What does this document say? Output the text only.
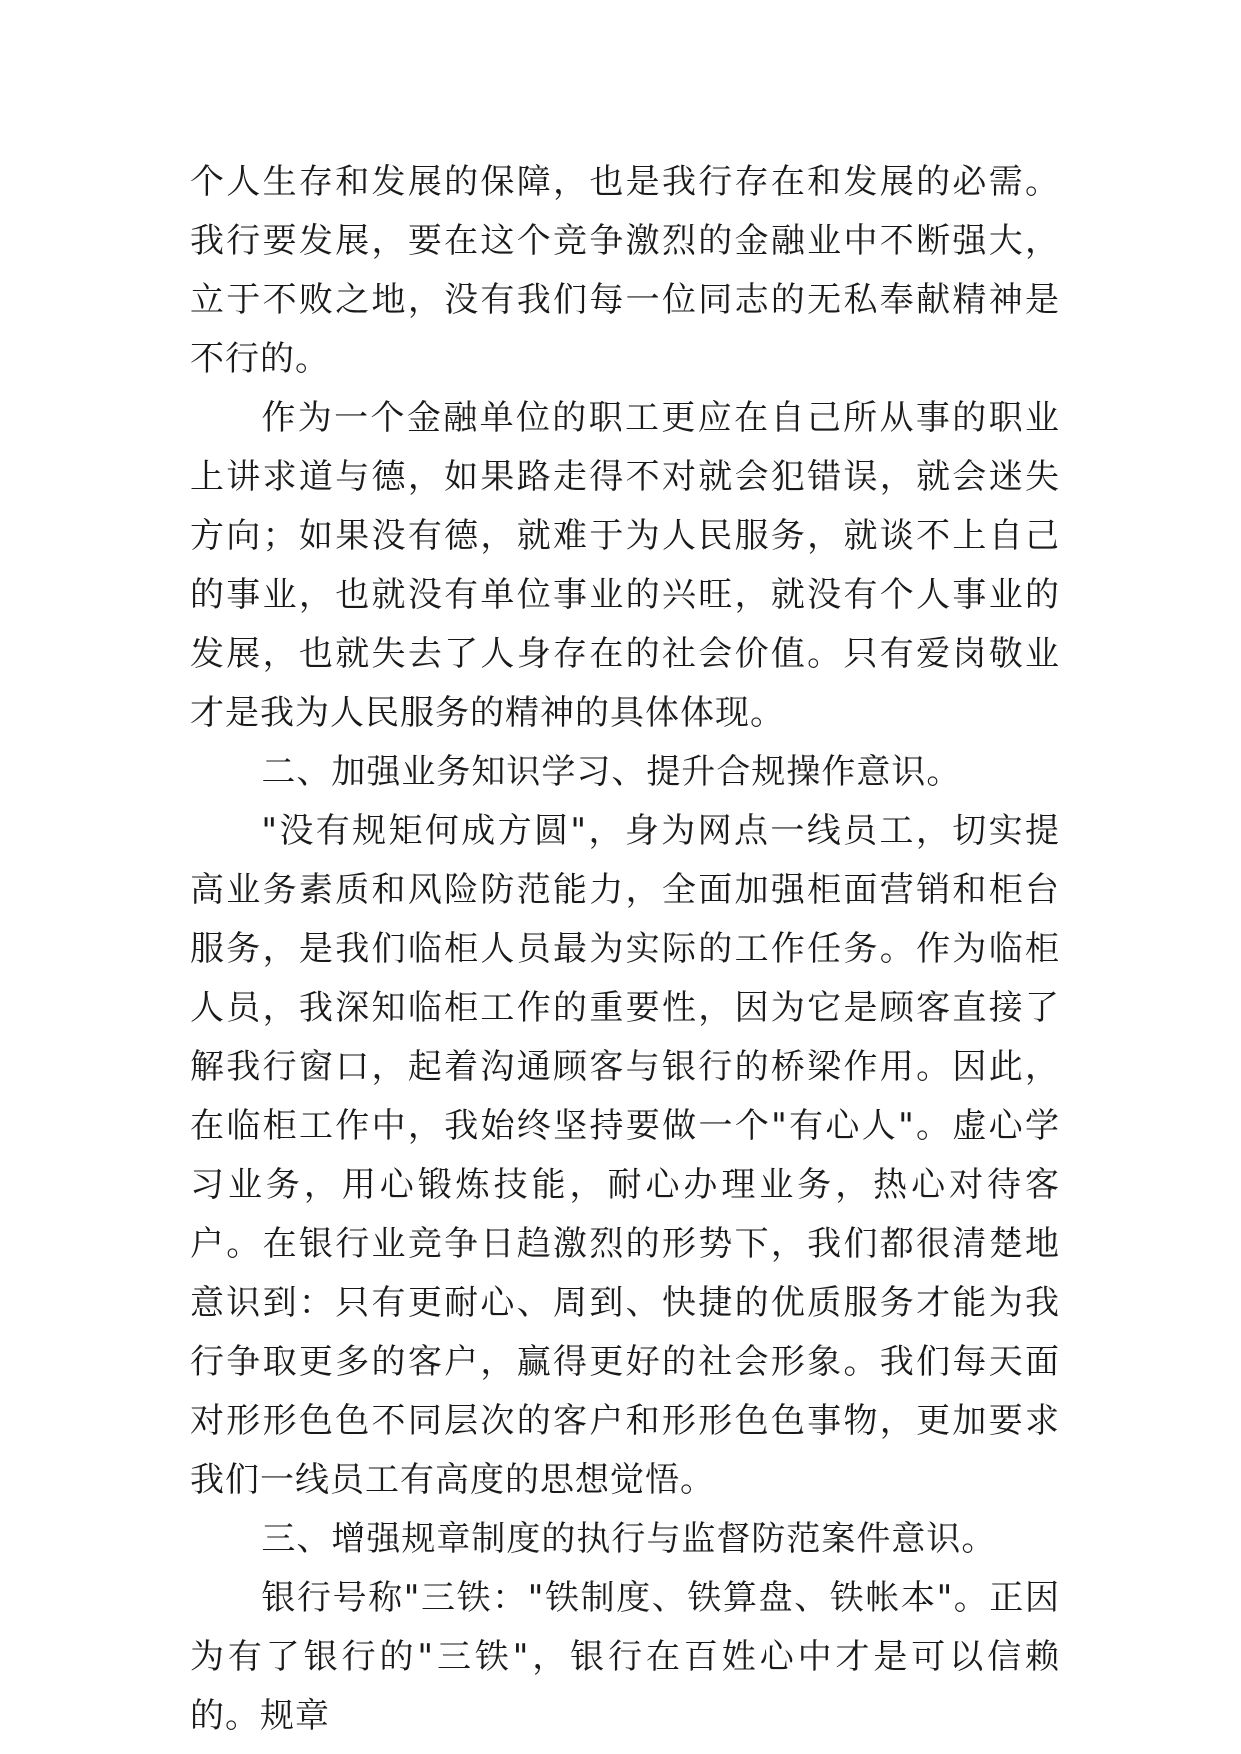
个人生存和发展的保障，也是我行存在和发展的必需。我行要发展，要在这个竞争激烈的金融业中不断强大，立于不败之地，没有我们每一位同志的无私奉献精神是不行的。

作为一个金融单位的职工更应在自己所从事的职业上讲求道与德，如果路走得不对就会犯错误，就会迷失方向；如果没有德，就难于为人民服务，就谈不上自己的事业，也就没有单位事业的兴旺，就没有个人事业的发展，也就失去了人身存在的社会价值。只有爱岗敬业才是我为人民服务的精神的具体体现。

二、加强业务知识学习、提升合规操作意识。

"没有规矩何成方圆"，身为网点一线员工，切实提高业务素质和风险防范能力，全面加强柜面营销和柜台服务，是我们临柜人员最为实际的工作任务。作为临柜人员，我深知临柜工作的重要性，因为它是顾客直接了解我行窗口，起着沟通顾客与银行的桥梁作用。因此，在临柜工作中，我始终坚持要做一个"有心人"。虚心学习业务，用心锻炼技能，耐心办理业务，热心对待客户。在银行业竞争日趋激烈的形势下，我们都很清楚地意识到：只有更耐心、周到、快捷的优质服务才能为我行争取更多的客户，赢得更好的社会形象。我们每天面对形形色色不同层次的客户和形形色色事物，更加要求我们一线员工有高度的思想觉悟。

三、增强规章制度的执行与监督防范案件意识。

银行号称"三铁："铁制度、铁算盘、铁帐本"。正因为有了银行的"三铁"，银行在百姓心中才是可以信赖的。规章
